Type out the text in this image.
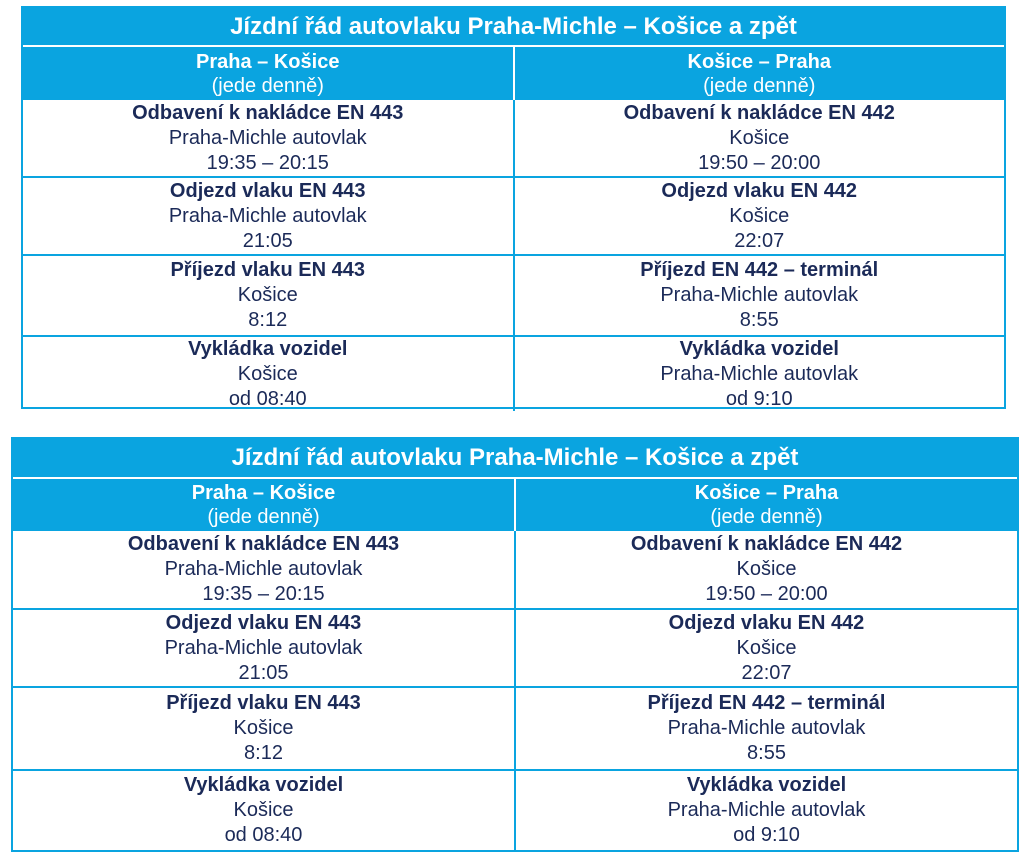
Jízdní řád autovlaku Praha-Michle – Košice a zpět
Praha – Košice
(jede denně)
Košice – Praha
(jede denně)
Odbavení k nakládce EN 443
Praha-Michle autovlak
19:35 – 20:15
Odbavení k nakládce EN 442
Košice
19:50 – 20:00
Odjezd vlaku EN 443
Praha-Michle autovlak
21:05
Odjezd vlaku EN 442
Košice
22:07
Příjezd vlaku EN 443
Košice
8:12
Příjezd EN 442 – terminál
Praha-Michle autovlak
8:55
Vykládka vozidel
Košice
od 08:40
Vykládka vozidel
Praha-Michle autovlak
od 9:10
Jízdní řád autovlaku Praha-Michle – Košice a zpět
Praha – Košice
(jede denně)
Košice – Praha
(jede denně)
Odbavení k nakládce EN 443
Praha-Michle autovlak
19:35 – 20:15
Odbavení k nakládce EN 442
Košice
19:50 – 20:00
Odjezd vlaku EN 443
Praha-Michle autovlak
21:05
Odjezd vlaku EN 442
Košice
22:07
Příjezd vlaku EN 443
Košice
8:12
Příjezd EN 442 – terminál
Praha-Michle autovlak
8:55
Vykládka vozidel
Košice
od 08:40
Vykládka vozidel
Praha-Michle autovlak
od 9:10
